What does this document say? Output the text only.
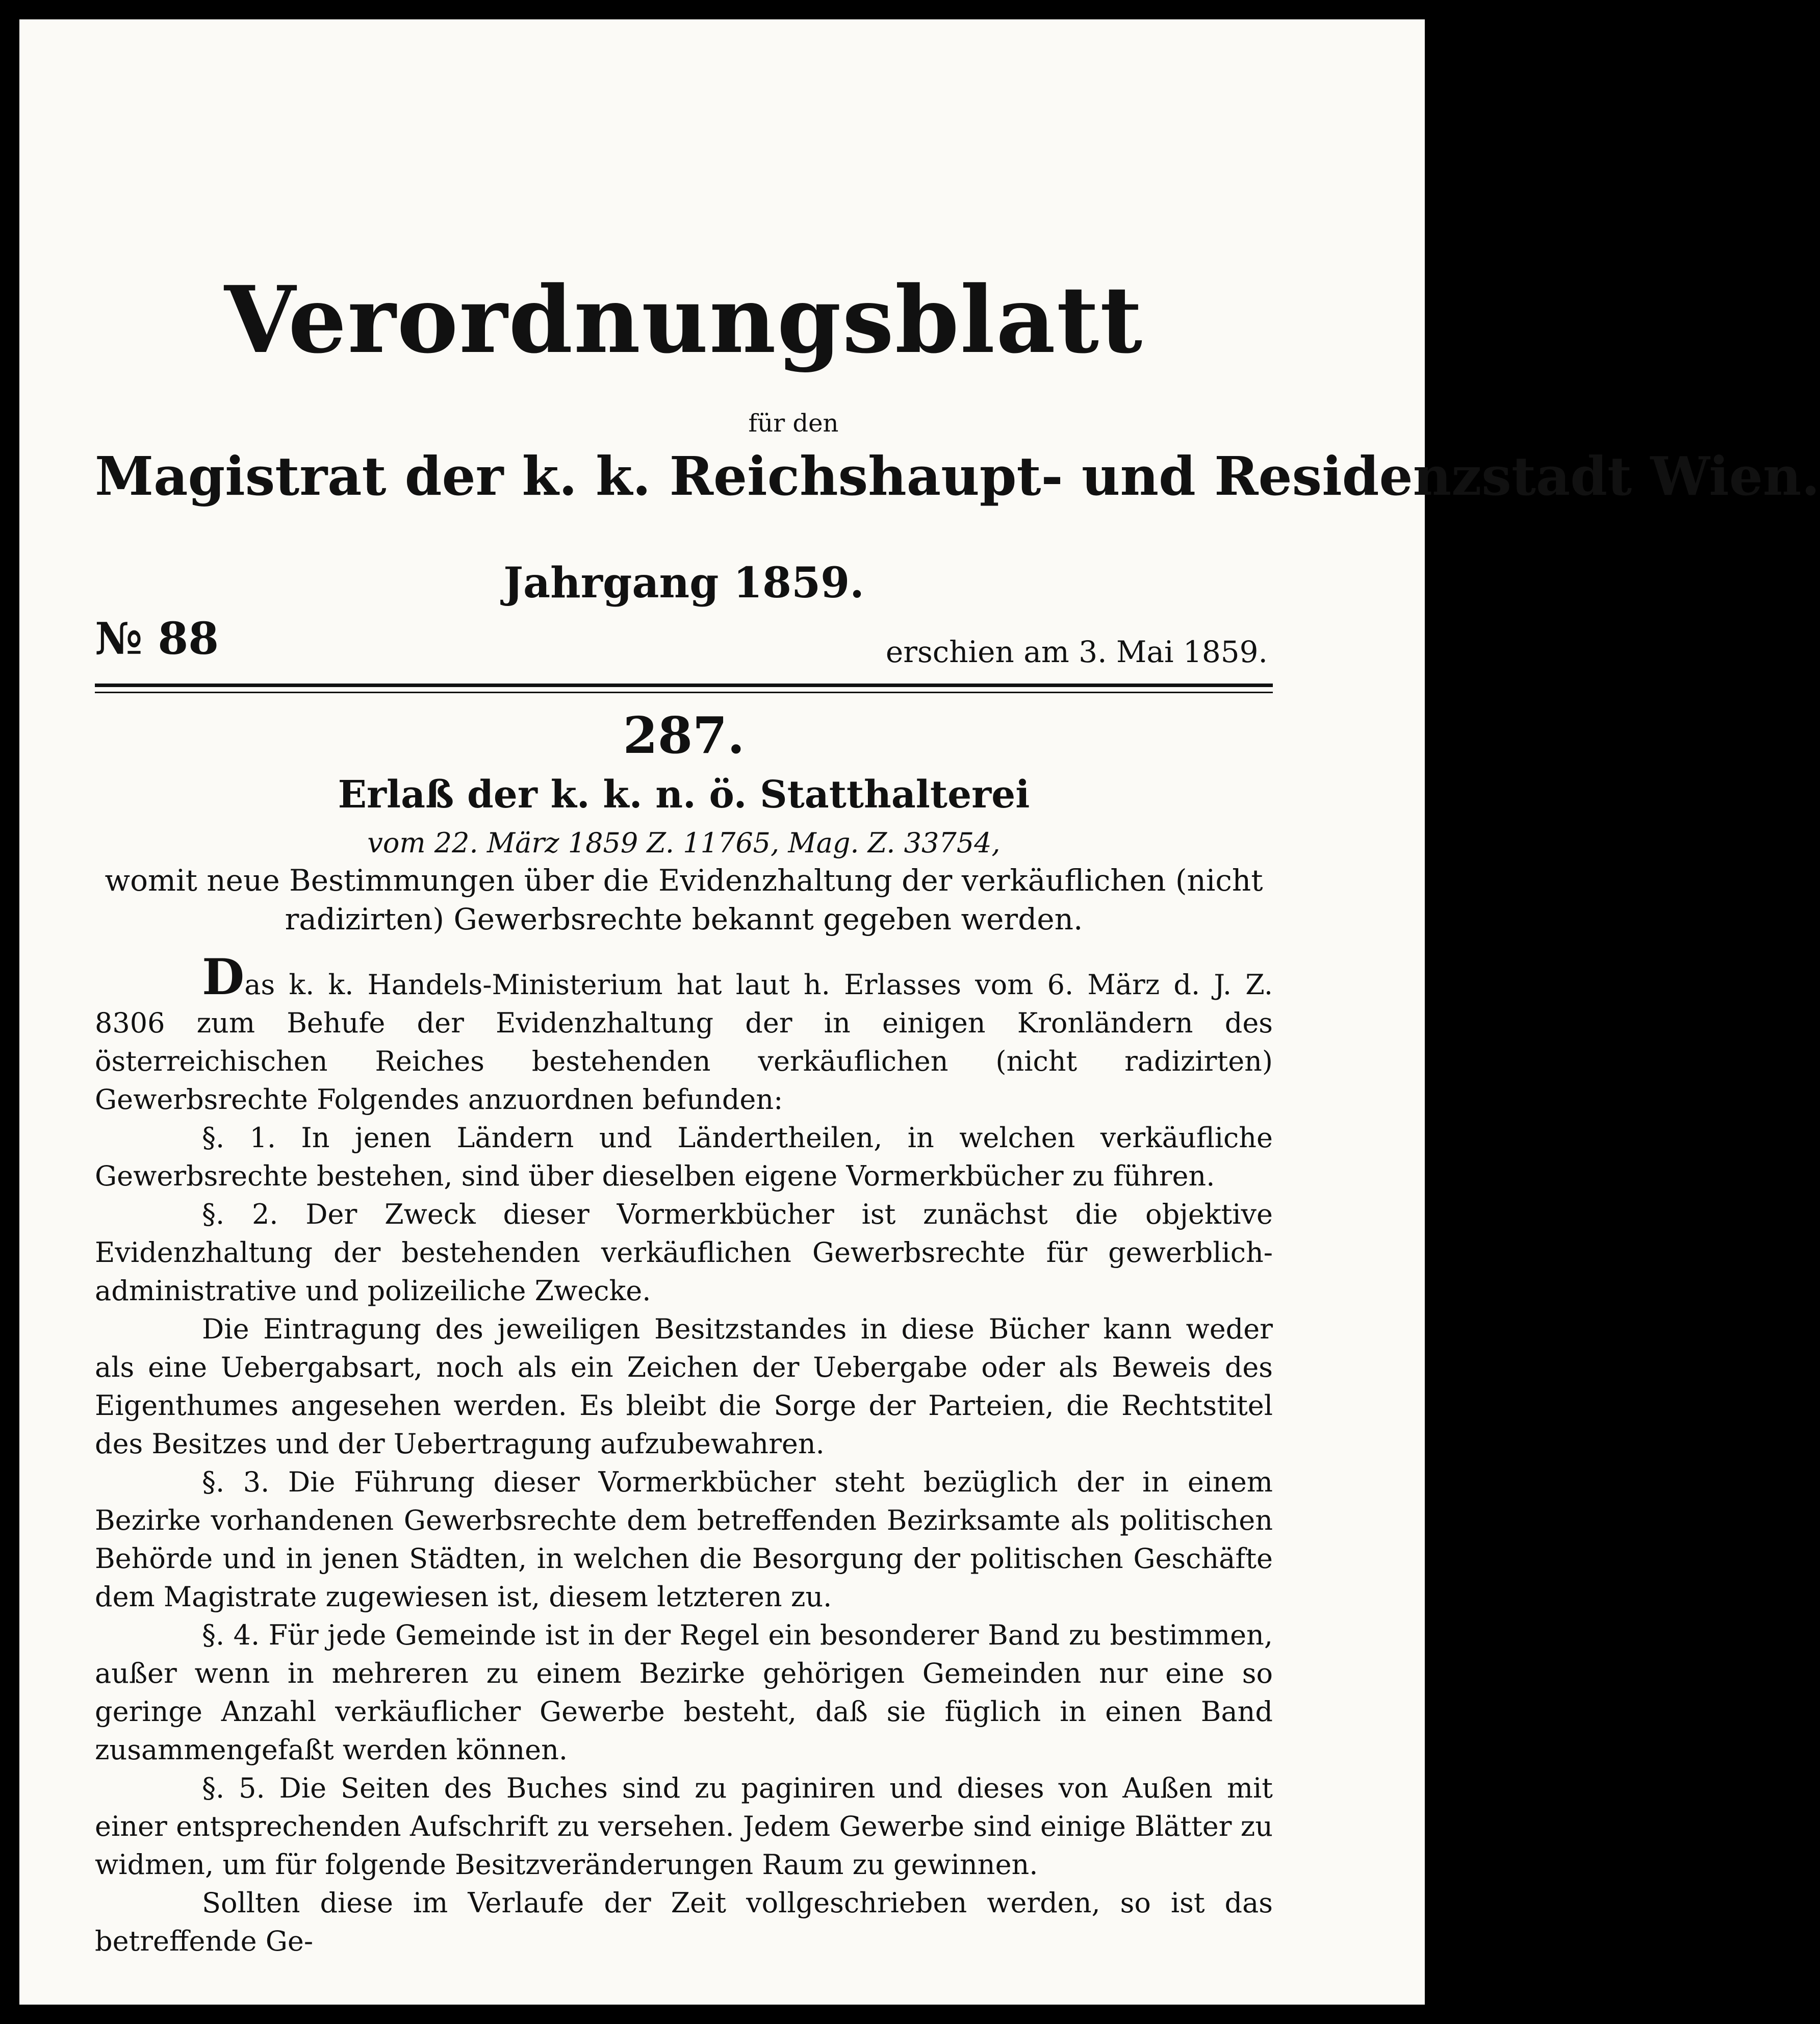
Verordnungsblatt
für den
Magistrat der k. k. Reichshaupt- und Residenzstadt Wien.
Jahrgang 1859.
№ 88	erschien am 3. Mai 1859.
287.
Erlaß der k. k. n. ö. Statthalterei
vom 22. März 1859 Z. 11765, Mag. Z. 33754,
womit neue Bestimmungen über die Evidenzhaltung der verkäuflichen (nicht radizirten) Gewerbsrechte bekannt gegeben werden.

Das k. k. Handels-Ministerium hat laut h. Erlasses vom 6. März d. J. Z. 8306 zum Behufe der Evidenzhaltung der in einigen Kronländern des österreichischen Reiches bestehenden verkäuflichen (nicht radizirten) Gewerbsrechte Folgendes anzuordnen befunden:

§. 1. In jenen Ländern und Ländertheilen, in welchen verkäufliche Gewerbsrechte bestehen, sind über dieselben eigene Vormerkbücher zu führen.

§. 2. Der Zweck dieser Vormerkbücher ist zunächst die objektive Evidenzhaltung der bestehenden verkäuflichen Gewerbsrechte für gewerblich-administrative und polizeiliche Zwecke.

Die Eintragung des jeweiligen Besitzstandes in diese Bücher kann weder als eine Uebergabsart, noch als ein Zeichen der Uebergabe oder als Beweis des Eigenthumes angesehen werden. Es bleibt die Sorge der Parteien, die Rechtstitel des Besitzes und der Uebertragung aufzubewahren.

§. 3. Die Führung dieser Vormerkbücher steht bezüglich der in einem Bezirke vorhandenen Gewerbsrechte dem betreffenden Bezirksamte als politischen Behörde und in jenen Städten, in welchen die Besorgung der politischen Geschäfte dem Magistrate zugewiesen ist, diesem letzteren zu.

§. 4. Für jede Gemeinde ist in der Regel ein besonderer Band zu bestimmen, außer wenn in mehreren zu einem Bezirke gehörigen Gemeinden nur eine so geringe Anzahl verkäuflicher Gewerbe besteht, daß sie füglich in einen Band zusammengefaßt werden können.

§. 5. Die Seiten des Buches sind zu paginiren und dieses von Außen mit einer entsprechenden Aufschrift zu versehen. Jedem Gewerbe sind einige Blätter zu widmen, um für folgende Besitzveränderungen Raum zu gewinnen.

Sollten diese im Verlaufe der Zeit vollgeschrieben werden, so ist das betreffende Ge-
